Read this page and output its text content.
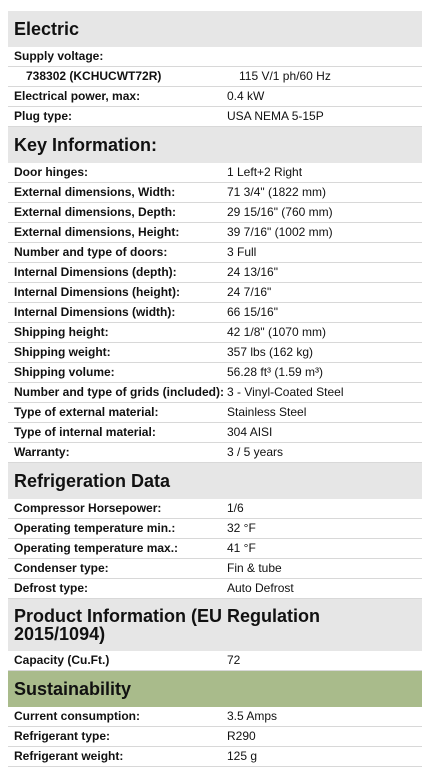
Electric
Supply voltage:
738302 (KCHUCWT72R)	115 V/1 ph/60 Hz
Electrical power, max:	0.4 kW
Plug type:	USA NEMA 5-15P
Key Information:
Door hinges:	1 Left+2 Right
External dimensions, Width:	71 3/4" (1822 mm)
External dimensions, Depth:	29 15/16" (760 mm)
External dimensions, Height:	39 7/16" (1002 mm)
Number and type of doors:	3 Full
Internal Dimensions (depth):	24 13/16"
Internal Dimensions (height):	24 7/16"
Internal Dimensions (width):	66 15/16"
Shipping height:	42 1/8" (1070 mm)
Shipping weight:	357 lbs (162 kg)
Shipping volume:	56.28 ft³ (1.59 m³)
Number and type of grids (included): 3 - Vinyl-Coated Steel
Type of external material:	Stainless Steel
Type of internal material:	304 AISI
Warranty:	3 / 5 years
Refrigeration Data
Compressor Horsepower:	1/6
Operating temperature min.:	32 °F
Operating temperature max.:	41 °F
Condenser type:	Fin & tube
Defrost type:	Auto Defrost
Product Information (EU Regulation 2015/1094)
Capacity (Cu.Ft.)	72
Sustainability
Current consumption:	3.5 Amps
Refrigerant type:	R290
Refrigerant weight:	125 g
